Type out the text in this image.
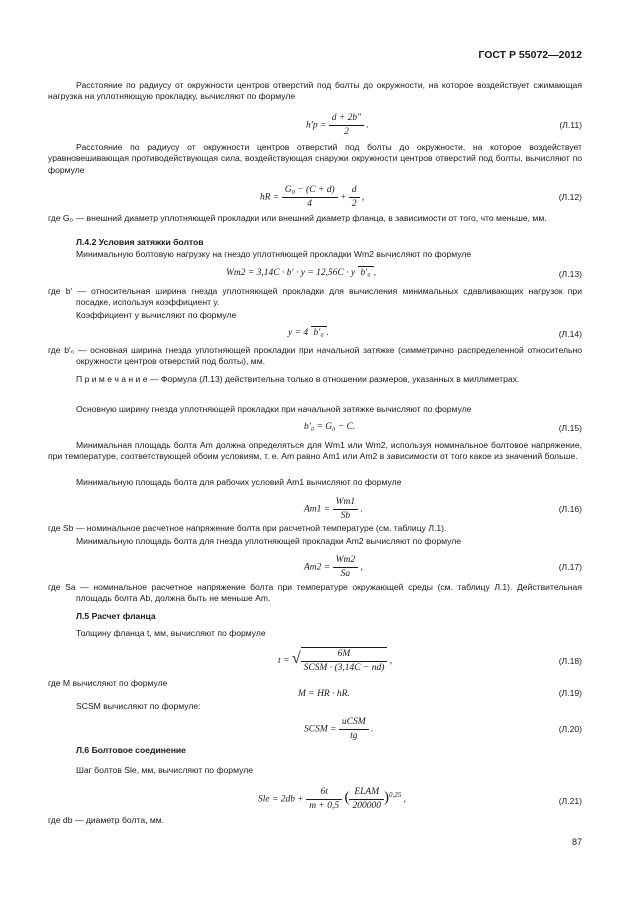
ГОСТ Р 55072—2012
Расстояние по радиусу от окружности центров отверстий под болты до окружности, на которое воздействует сжимающая нагрузка на уплотняющую прокладку, вычисляют по формуле
$h'p = \frac{d + 2b''}{2}$ .	(Л.11)
Расстояние по радиусу от окружности центров отверстий под болты до окружности, на которое воздействует уравновешивающая противодействующая сила, воздействующая снаружи окружности центров отверстий под болты, вычисляют по формуле
hR = $\frac{\text{G₀ − (C + d)}}{4} + \frac{d}{2}$ ,	(Л.12)
где G₀ — внешний диаметр уплотняющей прокладки или внешний диаметр фланца, в зависимости от того, что меньше, мм.
Л.4.2 Условия затяжки болтов
Минимальную болтовую нагрузку на гнездо уплотняющей прокладки Wm2 вычисляют по формуле
Wm2 = 3,14C · b′ · y = 12,56C · y b′₀ ,	(Л.13)
где b′ — относительная ширина гнезда уплотняющей прокладки для вычисления минимальных сдавливающих нагрузок при посадке, используя коэффициент y.
Коэффициент y вычисляют по формуле
y = 4 b′₀ .	(Л.14)
где b′₀ — основная ширина гнезда уплотняющей прокладки при начальной затяжке (симметрично распределенной относительно окружности центров отверстий под болты), мм.
П р и м е ч а н и е — Формула (Л.13) действительна только в отношении размеров, указанных в миллиметрах.
Основную ширину гнезда уплотняющей прокладки при начальной затяжке вычисляют по формуле
b′₀ = G₀ − C.	(Л.15)
Минимальная площадь болта Am должна определяться для Wm1 или Wm2, используя номинальное болтовое напряжение, при температуре, соответствующей обоим условиям, т. е. Am равно Am1 или Am2 в зависимости от того какое из значений больше.
Минимальную площадь болта для рабочих условий Am1 вычисляют по формуле
$Am1 = \frac{Wm1}{Sb}$ .	(Л.16)
где Sb — номинальное расчетное напряжение болта при расчетной температуре (см. таблицу Л.1).
Минимальную площадь болта для гнезда уплотняющей прокладки Am2 вычисляют по формуле
$Am2 = \frac{Wm2}{Sa}$ ,	(Л.17)
где Sa — номинальное расчетное напряжение болта при температуре окружающей среды (см. таблицу Л.1). Действительная площадь болта Ab, должна быть не меньше Am.
Л.5 Расчет фланца
Толщину фланца t, мм, вычисляют по формуле
t = √ $\frac{6M}{\text{SCSM · (3,14C − nd)}}$ ,	(Л.18)
где M вычисляют по формуле
M = HR · hR.	(Л.19)
SCSM вычисляют по формуле:
SCSM = $\frac{\text{uCSM}}{tg}$ .	(Л.20)
Л.6 Болтовое соединение
Шаг болтов Sle, мм, вычисляют по формуле
Sle = $2db + \frac{6t}{m + 0,5}$ ( $\frac{\text{ELAM}}{200000} )^{0,25}$ ,	(Л.21)
где db — диаметр болта, мм.
87
